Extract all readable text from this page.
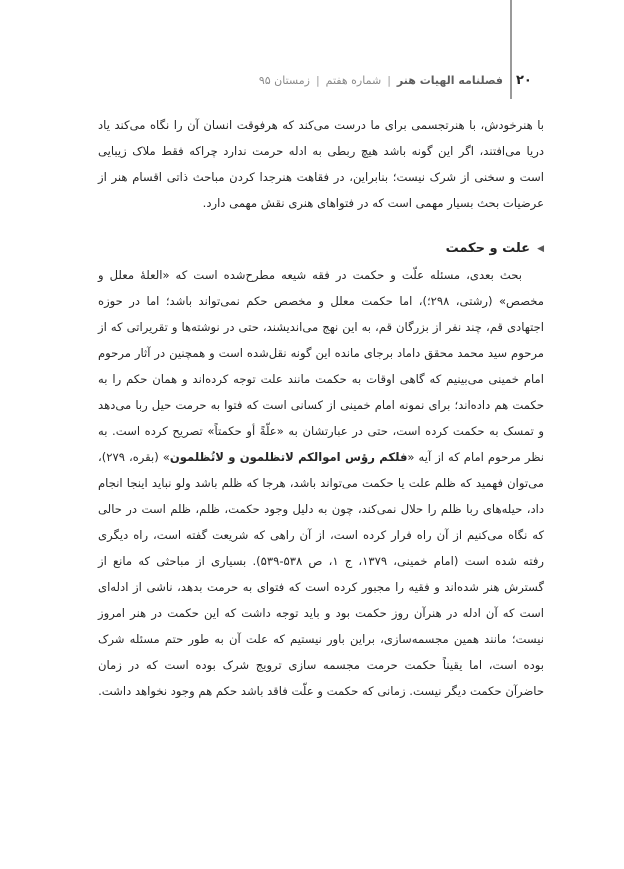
۲۰
فصلنامه الهیات هنر|شماره هفتم|زمستان ۹۵

با هنرخودش، با هنرتجسمی برای ما درست می‌کند که هرفوقت انسان آن را نگاه می‌کند یاد دریا می‌افتند، اگر این گونه باشد هیچ ربطی به ادله حرمت ندارد چراکه فقط ملاک زیبایی است و سخنی از شرک نیست؛ بنابراین، در فقاهت هنرجدا کردن مباحث ذاتی اقسام هنر از عرضیات بحث بسیار مهمی است که در فتواهای هنری نقش مهمی دارد.

◀علت و حکمت

بحث بعدی، مسئله علّت و حکمت در فقه شیعه مطرح‌شده است که «العلهٔ معلل و مخصص» (رشتی، ۲۹۸؛)، اما حکمت معلل و مخصص حکم نمی‌تواند باشد؛ اما در حوزه اجتهادی قم، چند نفر از بزرگان قم، به این نهج می‌اندیشند، حتی در نوشته‌ها و تقریراتی که از مرحوم سید محمد محقق داماد برجای مانده این گونه نقل‌شده است و همچنین در آثار مرحوم امام خمینی می‌بینیم که گاهی اوقات به حکمت مانند علت توجه کرده‌اند و همان حکم را به حکمت هم داده‌اند؛ برای نمونه امام خمینی از کسانی است که فتوا به حرمت حیل ربا می‌دهد و تمسک به حکمت کرده است، حتی در عبارتشان به «علّةً أو حکمتاً» تصریح کرده است. به نظر مرحوم امام که از آیه «فلکم رؤس اموالکم لاتظلمون و لاتُظلمون» (بقره، ۲۷۹)، می‌توان فهمید که ظلم علت یا حکمت می‌تواند باشد، هرجا که ظلم باشد ولو نباید اینجا انجام داد، حیله‌های ربا ظلم را حلال نمی‌کند، چون به دلیل وجود حکمت، ظلم، ظلم است در حالی که نگاه می‌کنیم از آن راه فرار کرده است، از آن راهی که شریعت گفته است، راه دیگری رفته شده است (امام خمینی، ۱۳۷۹، ج ۱، ص ۵۳۸-۵۳۹). بسیاری از مباحثی که مانع از گسترش هنر شده‌اند و فقیه را مجبور کرده است که فتوای به حرمت بدهد، ناشی از ادله‌ای است که آن ادله در هنرآن روز حکمت بود و باید توجه داشت که این حکمت در هنر امروز نیست؛ مانند همین مجسمه‌سازی، براین باور نیستیم که علت آن به طور حتم مسئله شرک بوده است، اما یقیناً حکمت حرمت مجسمه سازی ترویج شرک بوده است که در زمان حاضرآن حکمت دیگر نیست. زمانی که حکمت و علّت فاقد باشد حکم هم وجود نخواهد داشت.
